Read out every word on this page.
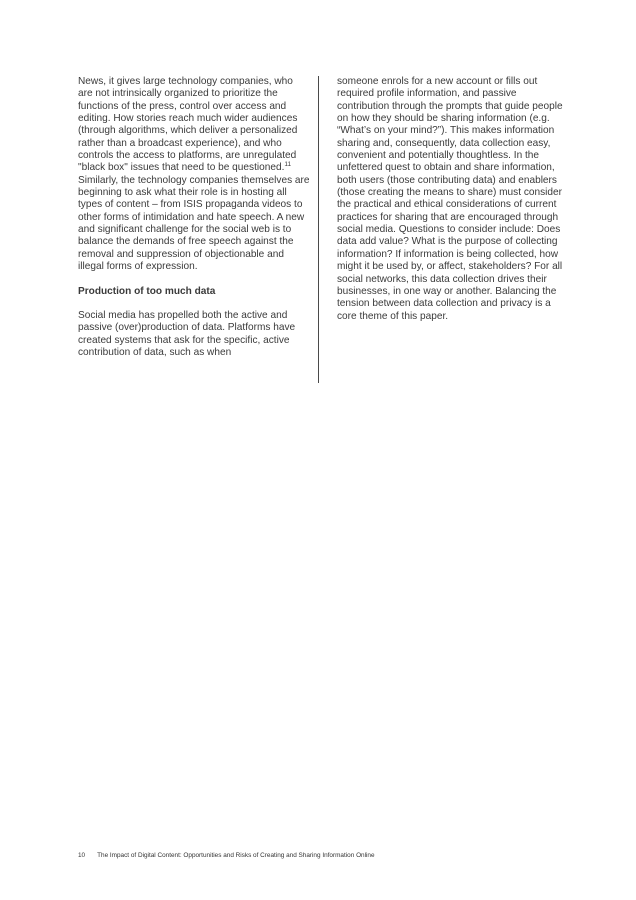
News, it gives large technology companies, who are not intrinsically organized to prioritize the functions of the press, control over access and editing. How stories reach much wider audiences (through algorithms, which deliver a personalized rather than a broadcast experience), and who controls the access to platforms, are unregulated "black box" issues that need to be questioned.$^{11}$ Similarly, the technology companies themselves are beginning to ask what their role is in hosting all types of content – from ISIS propaganda videos to other forms of intimidation and hate speech. A new and significant challenge for the social web is to balance the demands of free speech against the removal and suppression of objectionable and illegal forms of expression.

Production of too much data

Social media has propelled both the active and passive (over)production of data. Platforms have created systems that ask for the specific, active contribution of data, such as when

someone enrols for a new account or fills out required profile information, and passive contribution through the prompts that guide people on how they should be sharing information (e.g. “What’s on your mind?”). This makes information sharing and, consequently, data collection easy, convenient and potentially thoughtless. In the unfettered quest to obtain and share information, both users (those contributing data) and enablers (those creating the means to share) must consider the practical and ethical considerations of current practices for sharing that are encouraged through social media. Questions to consider include: Does data add value? What is the purpose of collecting information? If information is being collected, how might it be used by, or affect, stakeholders? For all social networks, this data collection drives their businesses, in one way or another. Balancing the tension between data collection and privacy is a core theme of this paper.

10 The Impact of Digital Content: Opportunities and Risks of Creating and Sharing Information Online
